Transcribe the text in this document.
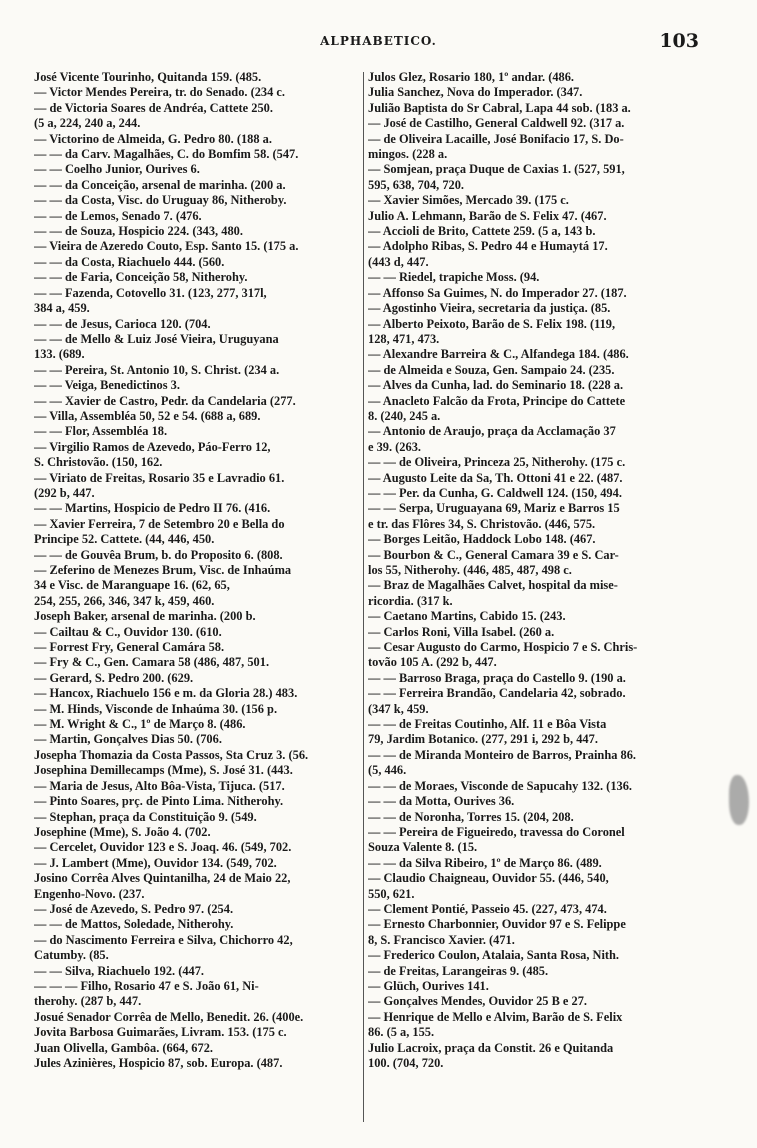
ALPHABETICO.	103
José Vicente Tourinho, Quitanda 159. (485.
— Victor Mendes Pereira, tr. do Senado. (234 c.
— de Victoria Soares de Andréa, Cattete 250.
(5 a, 224, 240 a, 244.
— Victorino de Almeida, G. Pedro 80. (188 a.
— — da Carv. Magalhães, C. do Bomfim 58. (547.
— — Coelho Junior, Ourives 6.
— — da Conceição, arsenal de marinha. (200 a.
— — da Costa, Visc. do Uruguay 86, Nitheroby.
— — de Lemos, Senado 7. (476.
— — de Souza, Hospicio 224. (343, 480.
— Vieira de Azeredo Couto, Esp. Santo 15. (175 a.
— — da Costa, Riachuelo 444. (560.
— — de Faria, Conceição 58, Nitherohy.
— — Fazenda, Cotovello 31. (123, 277, 317l,
384 a, 459.
— — de Jesus, Carioca 120. (704.
— — de Mello & Luiz José Vieira, Uruguyana
133. (689.
— — Pereira, St. Antonio 10, S. Christ. (234 a.
— — Veiga, Benedictinos 3.
— — Xavier de Castro, Pedr. da Candelaria (277.
— Villa, Assembléa 50, 52 e 54. (688 a, 689.
— — Flor, Assembléa 18.
— Virgilio Ramos de Azevedo, Páo-Ferro 12,
S. Christovão. (150, 162.
— Viriato de Freitas, Rosario 35 e Lavradio 61.
(292 b, 447.
— — Martins, Hospicio de Pedro II 76. (416.
— Xavier Ferreira, 7 de Setembro 20 e Bella do
Principe 52. Cattete. (44, 446, 450.
— — de Gouvêa Brum, b. do Proposito 6. (808.
— Zeferino de Menezes Brum, Visc. de Inhaúma
34 e Visc. de Maranguape 16. (62, 65,
254, 255, 266, 346, 347 k, 459, 460.
Joseph Baker, arsenal de marinha. (200 b.
— Cailtau & C., Ouvidor 130. (610.
— Forrest Fry, General Camára 58.
— Fry & C., Gen. Camara 58 (486, 487, 501.
— Gerard, S. Pedro 200. (629.
— Hancox, Riachuelo 156 e m. da Gloria 28.) 483.
— M. Hinds, Visconde de Inhaúma 30. (156 p.
— M. Wright & C., 1º de Março 8. (486.
— Martin, Gonçalves Dias 50. (706.
Josepha Thomazia da Costa Passos, Sta Cruz 3. (56.
Josephina Demillecamps (Mme), S. José 31. (443.
— Maria de Jesus, Alto Bôa-Vista, Tijuca. (517.
— Pinto Soares, prç. de Pinto Lima. Nitherohy.
— Stephan, praça da Constituição 9. (549.
Josephine (Mme), S. João 4. (702.
— Cercelet, Ouvidor 123 e S. Joaq. 46. (549, 702.
— J. Lambert (Mme), Ouvidor 134. (549, 702.
Josino Corrêa Alves Quintanilha, 24 de Maio 22,
Engenho-Novo. (237.
— José de Azevedo, S. Pedro 97. (254.
— — de Mattos, Soledade, Nitherohy.
— do Nascimento Ferreira e Silva, Chichorro 42,
Catumby. (85.
— — Silva, Riachuelo 192. (447.
— — — Filho, Rosario 47 e S. João 61, Ni-
therohy. (287 b, 447.
Josué Senador Corrêa de Mello, Benedit. 26. (400e.
Jovita Barbosa Guimarães, Livram. 153. (175 c.
Juan Olivella, Gambôa. (664, 672.
Jules Azinières, Hospicio 87, sob. Europa. (487.
Julos Glez, Rosario 180, 1º andar. (486.
Julia Sanchez, Nova do Imperador. (347.
Julião Baptista do Sr Cabral, Lapa 44 sob. (183 a.
— José de Castilho, General Caldwell 92. (317 a.
— de Oliveira Lacaille, José Bonifacio 17, S. Do-
mingos. (228 a.
— Somjean, praça Duque de Caxias 1. (527, 591,
595, 638, 704, 720.
— Xavier Simões, Mercado 39. (175 c.
Julio A. Lehmann, Barão de S. Felix 47. (467.
— Accioli de Brito, Cattete 259. (5 a, 143 b.
— Adolpho Ribas, S. Pedro 44 e Humaytá 17.
(443 d, 447.
— — Riedel, trapiche Moss. (94.
— Affonso Sa Guimes, N. do Imperador 27. (187.
— Agostinho Vieira, secretaria da justiça. (85.
— Alberto Peixoto, Barão de S. Felix 198. (119,
128, 471, 473.
— Alexandre Barreira & C., Alfandega 184. (486.
— de Almeida e Souza, Gen. Sampaio 24. (235.
— Alves da Cunha, lad. do Seminario 18. (228 a.
— Anacleto Falcão da Frota, Principe do Cattete
8. (240, 245 a.
— Antonio de Araujo, praça da Acclamação 37
e 39. (263.
— — de Oliveira, Princeza 25, Nitherohy. (175 c.
— Augusto Leite da Sa, Th. Ottoni 41 e 22. (487.
— — Per. da Cunha, G. Caldwell 124. (150, 494.
— — Serpa, Uruguayana 69, Mariz e Barros 15
e tr. das Flôres 34, S. Christovão. (446, 575.
— Borges Leitão, Haddock Lobo 148. (467.
— Bourbon & C., General Camara 39 e S. Car-
los 55, Nitherohy. (446, 485, 487, 498 c.
— Braz de Magalhães Calvet, hospital da mise-
ricordia. (317 k.
— Caetano Martins, Cabido 15. (243.
— Carlos Roni, Villa Isabel. (260 a.
— Cesar Augusto do Carmo, Hospicio 7 e S. Chris-
tovão 105 A. (292 b, 447.
— — Barroso Braga, praça do Castello 9. (190 a.
— — Ferreira Brandão, Candelaria 42, sobrado.
(347 k, 459.
— — de Freitas Coutinho, Alf. 11 e Bôa Vista
79, Jardim Botanico. (277, 291 i, 292 b, 447.
— — de Miranda Monteiro de Barros, Prainha 86.
(5, 446.
— — de Moraes, Visconde de Sapucahy 132. (136.
— — da Motta, Ourives 36.
— — de Noronha, Torres 15. (204, 208.
— — Pereira de Figueiredo, travessa do Coronel
Souza Valente 8. (15.
— — da Silva Ribeiro, 1º de Março 86. (489.
— Claudio Chaigneau, Ouvidor 55. (446, 540,
550, 621.
— Clement Pontié, Passeio 45. (227, 473, 474.
— Ernesto Charbonnier, Ouvidor 97 e S. Felippe
8, S. Francisco Xavier. (471.
— Frederico Coulon, Atalaia, Santa Rosa, Nith.
— de Freitas, Larangeiras 9. (485.
— Glüch, Ourives 141.
— Gonçalves Mendes, Ouvidor 25 B e 27.
— Henrique de Mello e Alvim, Barão de S. Felix
86. (5 a, 155.
Julio Lacroix, praça da Constit. 26 e Quitanda
100. (704, 720.
